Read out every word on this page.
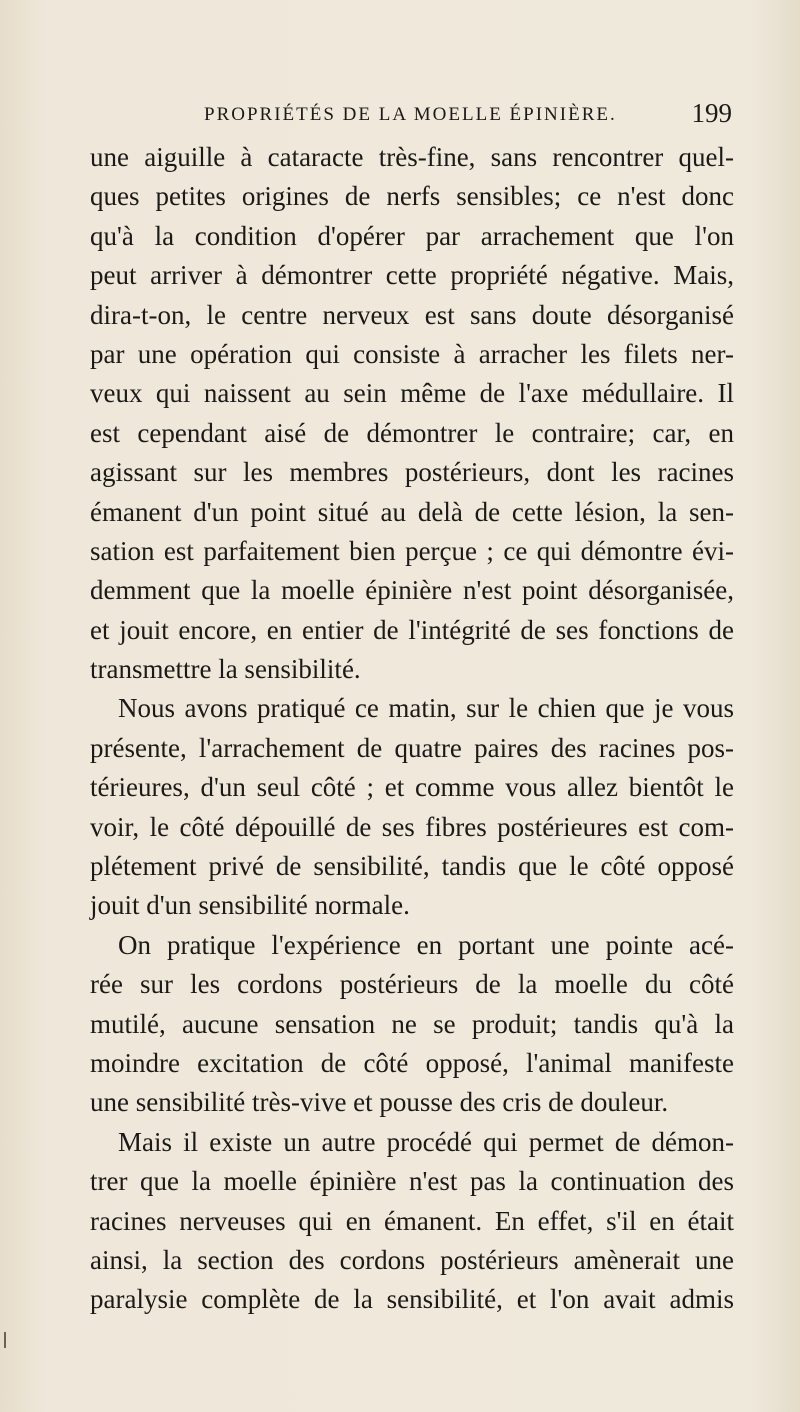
PROPRIÉTÉS DE LA MOELLE ÉPINIÈRE.	199
une aiguille à cataracte très-fine, sans rencontrer quel-
ques petites origines de nerfs sensibles; ce n'est donc
qu'à la condition d'opérer par arrachement que l'on
peut arriver à démontrer cette propriété négative. Mais,
dira-t-on, le centre nerveux est sans doute désorganisé
par une opération qui consiste à arracher les filets ner-
veux qui naissent au sein même de l'axe médullaire. Il
est cependant aisé de démontrer le contraire; car, en
agissant sur les membres postérieurs, dont les racines
émanent d'un point situé au delà de cette lésion, la sen-
sation est parfaitement bien perçue ; ce qui démontre évi-
demment que la moelle épinière n'est point désorganisée,
et jouit encore, en entier de l'intégrité de ses fonctions de
transmettre la sensibilité.
Nous avons pratiqué ce matin, sur le chien que je vous
présente, l'arrachement de quatre paires des racines pos-
térieures, d'un seul côté ; et comme vous allez bientôt le
voir, le côté dépouillé de ses fibres postérieures est com-
plétement privé de sensibilité, tandis que le côté opposé
jouit d'un sensibilité normale.
On pratique l'expérience en portant une pointe acé-
rée sur les cordons postérieurs de la moelle du côté
mutilé, aucune sensation ne se produit; tandis qu'à la
moindre excitation de côté opposé, l'animal manifeste
une sensibilité très-vive et pousse des cris de douleur.
Mais il existe un autre procédé qui permet de démon-
trer que la moelle épinière n'est pas la continuation des
racines nerveuses qui en émanent. En effet, s'il en était
ainsi, la section des cordons postérieurs amènerait une
paralysie complète de la sensibilité, et l'on avait admis
